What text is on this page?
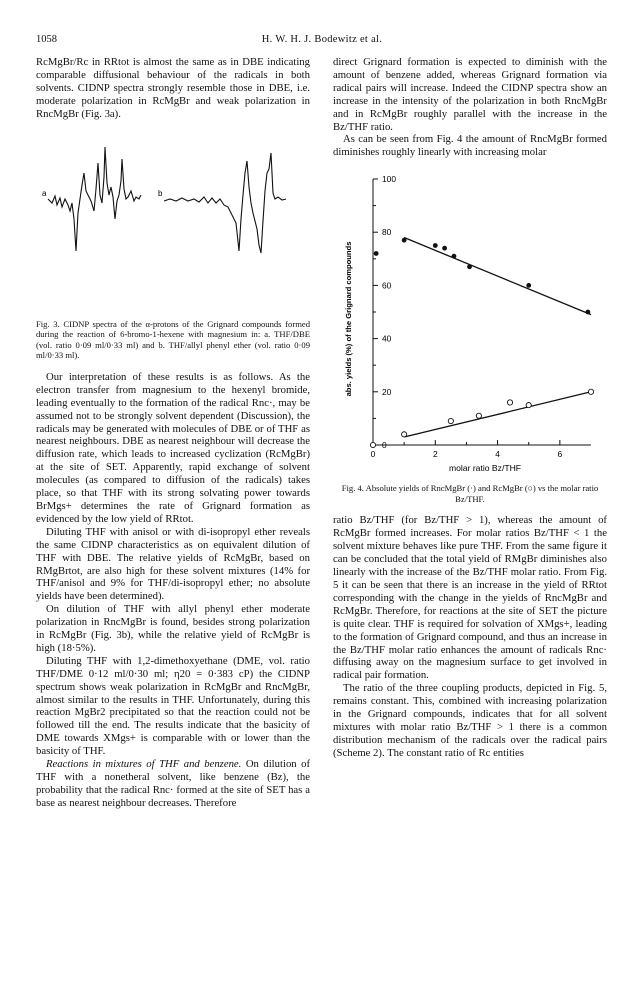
1058	H. W. H. J. Bodewitz et al.

RcMgBr/Rc in RRtot is almost the same as in DBE indicating comparable diffusional behaviour of the radicals in both solvents. CIDNP spectra strongly resemble those in DBE, i.e. moderate polarization in RcMgBr and weak polarization in RncMgBr (Fig. 3a).

a	b

Fig. 3. CIDNP spectra of the α-protons of the Grignard compounds formed during the reaction of 6-bromo-1-hexene with magnesium in: a. THF/DBE (vol. ratio 0·09 ml/0·33 ml) and b. THF/allyl phenyl ether (vol. ratio 0·09 ml/0·33 ml).

Our interpretation of these results is as follows. As the electron transfer from magnesium to the hexenyl bromide, leading eventually to the formation of the radical Rnc·, may be assumed not to be strongly solvent dependent (Discussion), the radicals may be generated with molecules of DBE or of THF as nearest neighbours. DBE as nearest neighbour will decrease the diffusion rate, which leads to increased cyclization (RcMgBr) at the site of SET. Apparently, rapid exchange of solvent molecules (as compared to diffusion of the radicals) takes place, so that THF with its strong solvating power towards BrMgs+ determines the rate of Grignard formation as evidenced by the low yield of RRtot.

Diluting THF with anisol or with di-isopropyl ether reveals the same CIDNP characteristics as on equivalent dilution of THF with DBE. The relative yields of RcMgBr, based on RMgBrtot, are also high for these solvent mixtures (14% for THF/anisol and 9% for THF/di-isopropyl ether; no absolute yields have been determined).

On dilution of THF with allyl phenyl ether moderate polarization in RncMgBr is found, besides strong polarization in RcMgBr (Fig. 3b), while the relative yield of RcMgBr is high (18·5%).

Diluting THF with 1,2-dimethoxyethane (DME, vol. ratio THF/DME 0·12 ml/0·30 ml; η20 = 0·383 cP) the CIDNP spectrum shows weak polarization in RcMgBr and RncMgBr, almost similar to the results in THF. Unfortunately, during this reaction MgBr2 precipitated so that the reaction could not be followed till the end. The results indicate that the basicity of DME towards XMgs+ is comparable with or lower than the basicity of THF.

Reactions in mixtures of THF and benzene. On dilution of THF with a nonetheral solvent, like benzene (Bz), the probability that the radical Rnc· formed at the site of SET has a base as nearest neighbour decreases. Therefore

direct Grignard formation is expected to diminish with the amount of benzene added, whereas Grignard formation via radical pairs will increase. Indeed the CIDNP spectra show an increase in the intensity of the polarization in both RncMgBr and in RcMgBr roughly parallel with the increase in the Bz/THF ratio.

As can be seen from Fig. 4 the amount of RncMgBr formed diminishes roughly linearly with increasing molar

0
20
40
60
80
100
0	2	4	6
abs. yields (%) of the Grignard compounds
molar ratio Bz/THF

Fig. 4. Absolute yields of RncMgBr (·) and RcMgBr (○) vs the molar ratio Bz/THF.

ratio Bz/THF (for Bz/THF > 1), whereas the amount of RcMgBr formed increases. For molar ratios Bz/THF < 1 the solvent mixture behaves like pure THF. From the same figure it can be concluded that the total yield of RMgBr diminishes also linearly with the increase of the Bz/THF molar ratio. From Fig. 5 it can be seen that there is an increase in the yield of RRtot corresponding with the change in the yields of RncMgBr and RcMgBr. Therefore, for reactions at the site of SET the picture is quite clear. THF is required for solvation of XMgs+, leading to the formation of Grignard compound, and thus an increase in the Bz/THF molar ratio enhances the amount of radicals Rnc· diffusing away on the magnesium surface to get involved in radical pair formation.

The ratio of the three coupling products, depicted in Fig. 5, remains constant. This, combined with increasing polarization in the Grignard compounds, indicates that for all solvent mixtures with molar ratio Bz/THF > 1 there is a common distribution mechanism of the radicals over the radical pairs (Scheme 2). The constant ratio of Rc entities
